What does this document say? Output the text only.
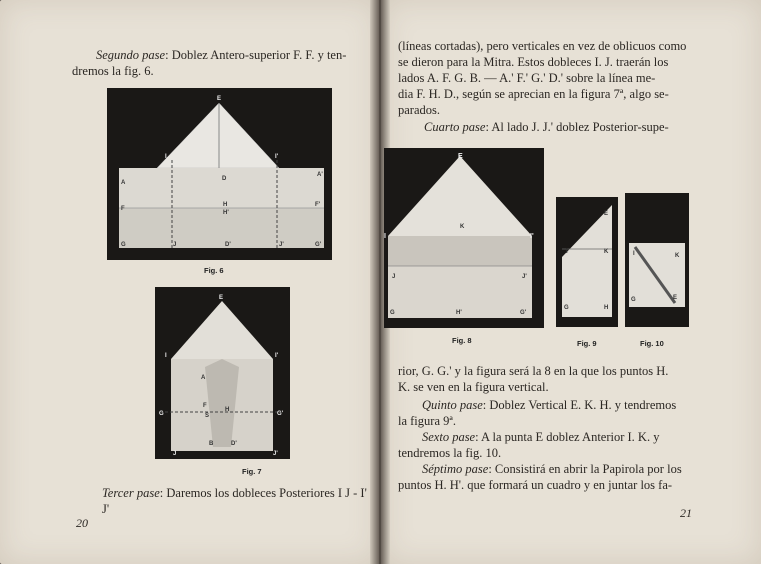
Segundo pase: Doblez Antero-superior F. F. y ten-

dremos la fig. 6.
E
I	I'
A
A'
D
F
F'
H
H'
G	G'
J	J'
D'
Fig. 6
E
I	I'
A
F
G	G'
H
S
B
J	J'
D'
Fig. 7
Tercer pase: Daremos los dobleces Posteriores I J - I' J'
20

(líneas cortadas), pero verticales en vez de oblicuos como

se dieron para la Mitra. Estos dobleces I. J. traerán los

lados A. F. G. B. — A.' F.' G.' D.' sobre la línea me-

dia F. H. D., según se aprecian en la figura 7ª, algo se-

parados.

Cuarto pase: Al lado J. J.' doblez Posterior-supe-
E
K
I	I'
J	J'
H'	G'
G
Fig. 8
E
I	K
G	H
Fig. 9
I	K
G	E
Fig. 10

rior, G. G.' y la figura será la 8 en la que los puntos H.

K. se ven en la figura vertical.

Quinto pase: Doblez Vertical E. K. H. y tendremos

la figura 9ª.

Sexto pase: A la punta E doblez Anterior I. K. y

tendremos la fig. 10.

Séptimo pase: Consistirá en abrir la Papirola por los

puntos H. H'. que formará un cuadro y en juntar los fa-

21
